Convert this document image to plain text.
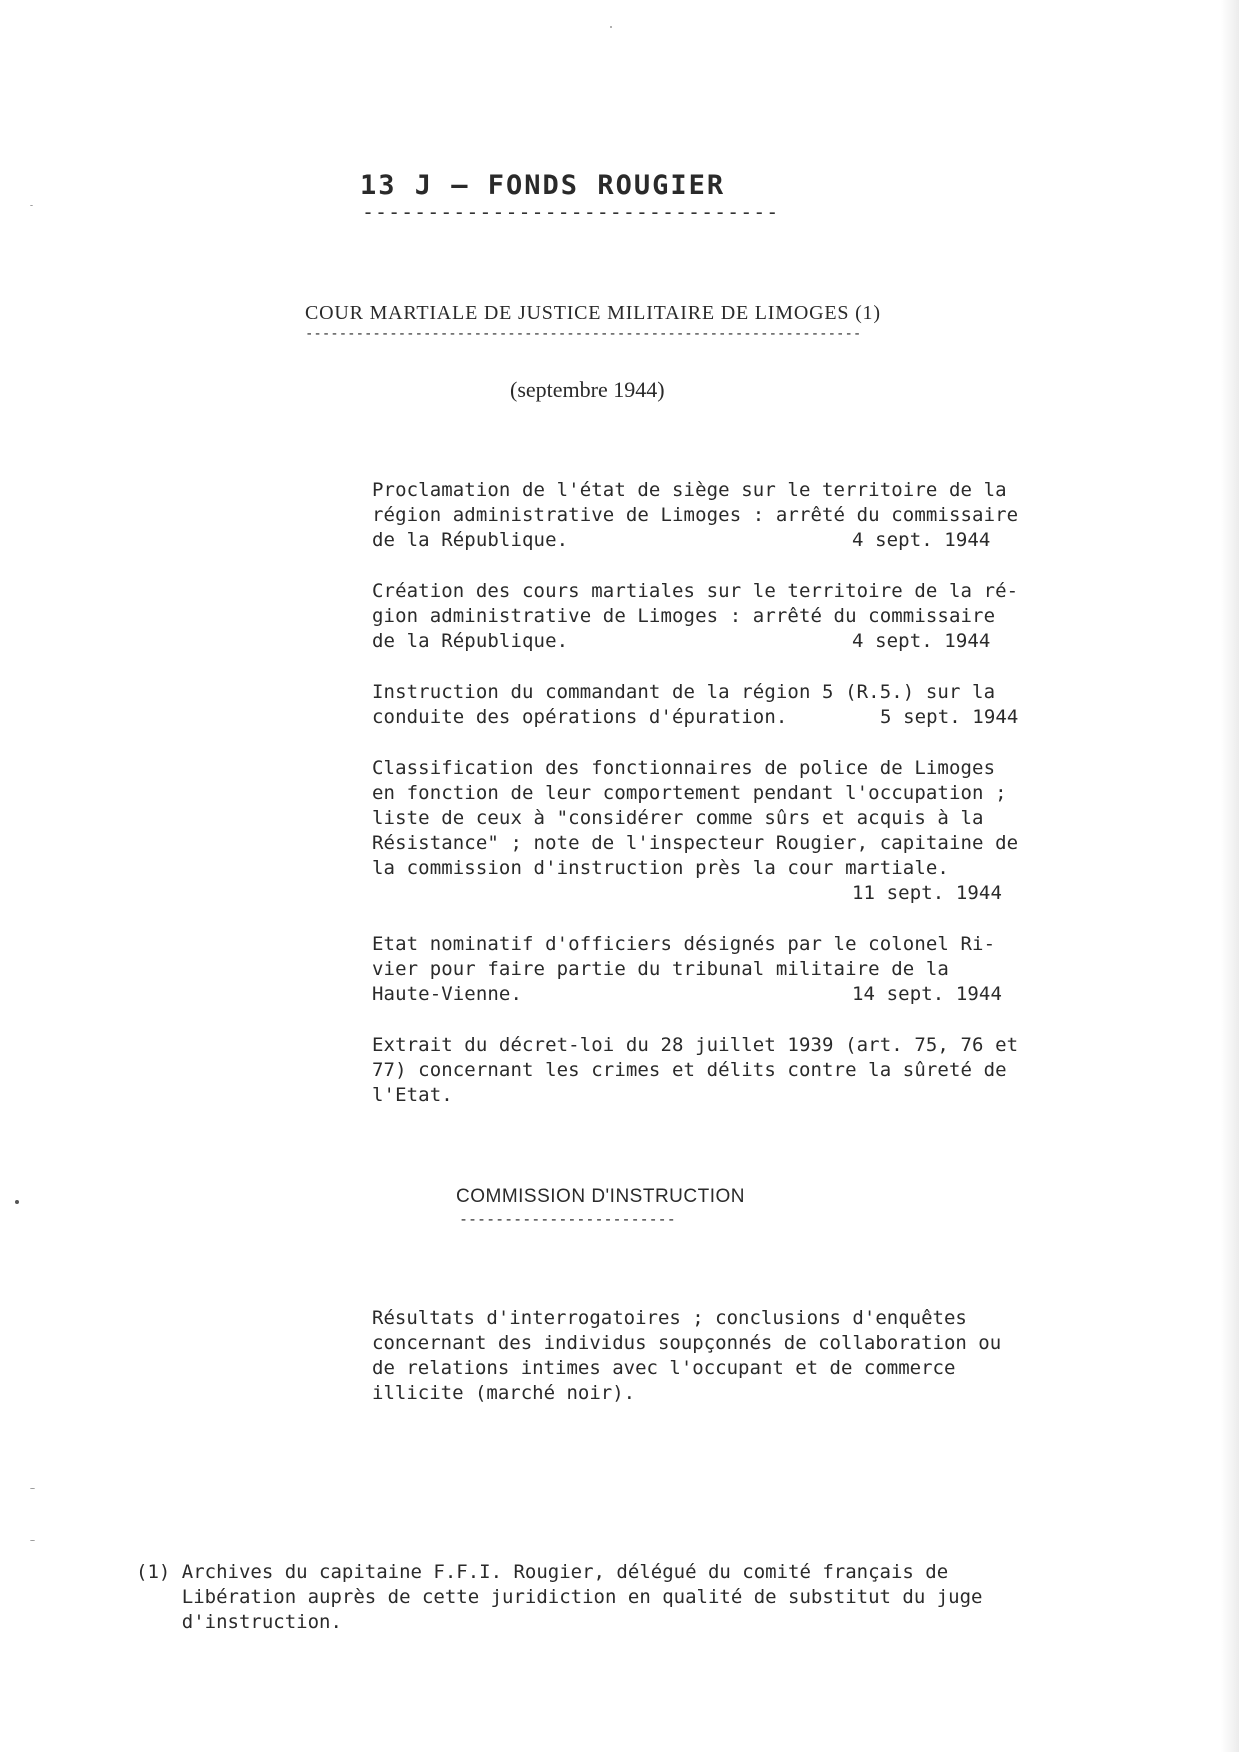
13 J — FONDS ROUGIER
--------------------------------
COUR MARTIALE DE JUSTICE MILITAIRE DE LIMOGES (1)
------------------------------------------------------------------
(septembre 1944)
Proclamation de l'état de siège sur le territoire de la
région administrative de Limoges : arrêté du commissaire
de la République.	4 sept. 1944
Création des cours martiales sur le territoire de la ré-
gion administrative de Limoges : arrêté du commissaire
de la République.	4 sept. 1944
Instruction du commandant de la région 5 (R.5.) sur la
conduite des opérations d'épuration.	5 sept. 1944
Classification des fonctionnaires de police de Limoges
en fonction de leur comportement pendant l'occupation ;
liste de ceux à "considérer comme sûrs et acquis à la
Résistance" ; note de l'inspecteur Rougier, capitaine de
la commission d'instruction près la cour martiale.
11 sept. 1944
Etat nominatif d'officiers désignés par le colonel Ri-
vier pour faire partie du tribunal militaire de la
Haute-Vienne.	14 sept. 1944
Extrait du décret-loi du 28 juillet 1939 (art. 75, 76 et
77) concernant les crimes et délits contre la sûreté de
l'Etat.
COMMISSION D'INSTRUCTION
------------------------
Résultats d'interrogatoires ; conclusions d'enquêtes
concernant des individus soupçonnés de collaboration ou
de relations intimes avec l'occupant et de commerce
illicite (marché noir).
(1) Archives du capitaine F.F.I. Rougier, délégué du comité français de
Libération auprès de cette juridiction en qualité de substitut du juge
d'instruction.
